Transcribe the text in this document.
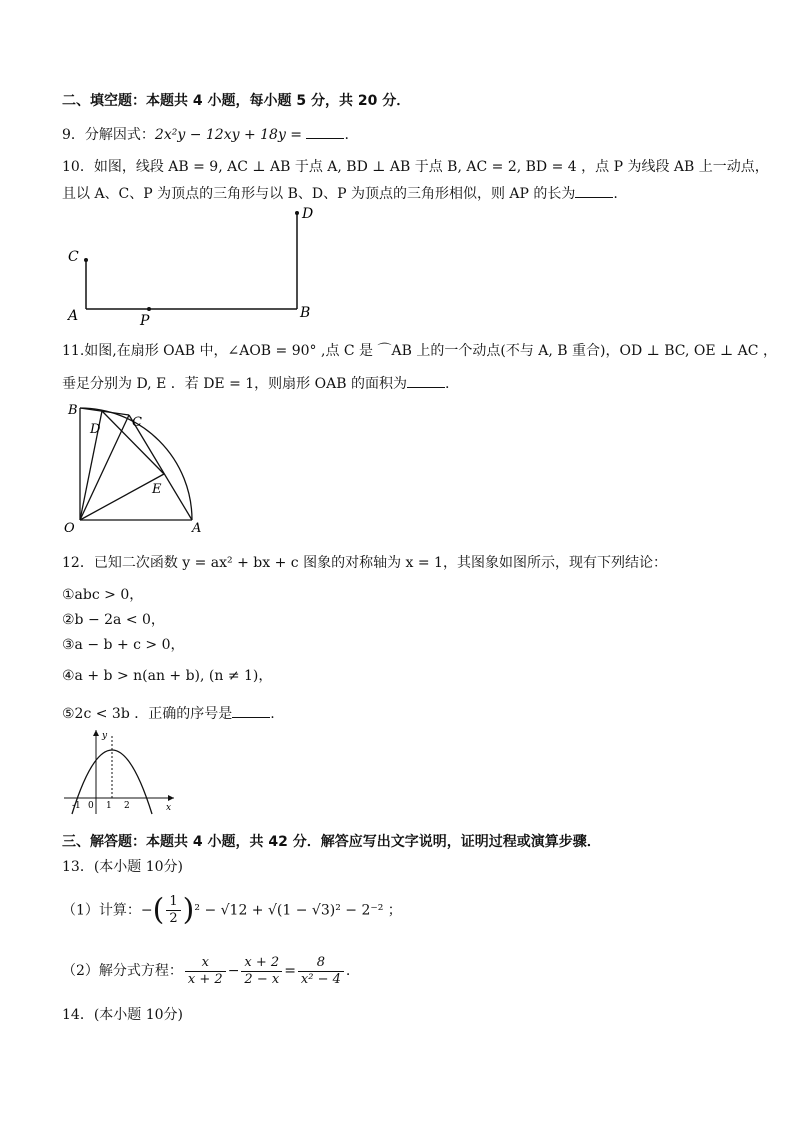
二、填空题：本题共 4 小题，每小题 5 分，共 20 分．
9．分解因式：2x²y − 12xy + 18y =	.
10．如图，线段 AB = 9, AC ⊥ AB 于点 A, BD ⊥ AB 于点 B, AC = 2, BD = 4 ，点 P 为线段 AB 上一动点，
且以 A、C、P 为顶点的三角形与以 B、D、P 为顶点的三角形相似，则 AP 的长为	.
C
D
A	P	B
11.如图,在扇形 OAB 中，∠AOB = 90° ,点 C 是 ⌒AB 上的一个动点(不与 A, B 重合)，OD ⊥ BC, OE ⊥ AC ，
垂足分别为 D, E ．若 DE = 1，则扇形 OAB 的面积为	.
B
C
D
E
O	A
12．已知二次函数 y = ax² + bx + c 图象的对称轴为 x = 1，其图象如图所示，现有下列结论：
①abc > 0，
②b − 2a < 0，
③a − b + c > 0，
④a + b > n(an + b), (n ≠ 1)，
⑤2c < 3b ．正确的序号是	.
y
x
-1 0 1 2
三、解答题：本题共 4 小题，共 42 分．解答应写出文字说明，证明过程或演算步骤．
13．(本小题 10分)
（1）计算：−( $\frac{1}{2} )^2 - √12 + √(1 - √3)^2 - 2^{-2}$ ；
（2）解分式方程： $\frac{x}{x + 2} - \frac{x + 2}{2 - x} = \frac{8}{\text{x² − 4}}$ .
14．(本小题 10分)
